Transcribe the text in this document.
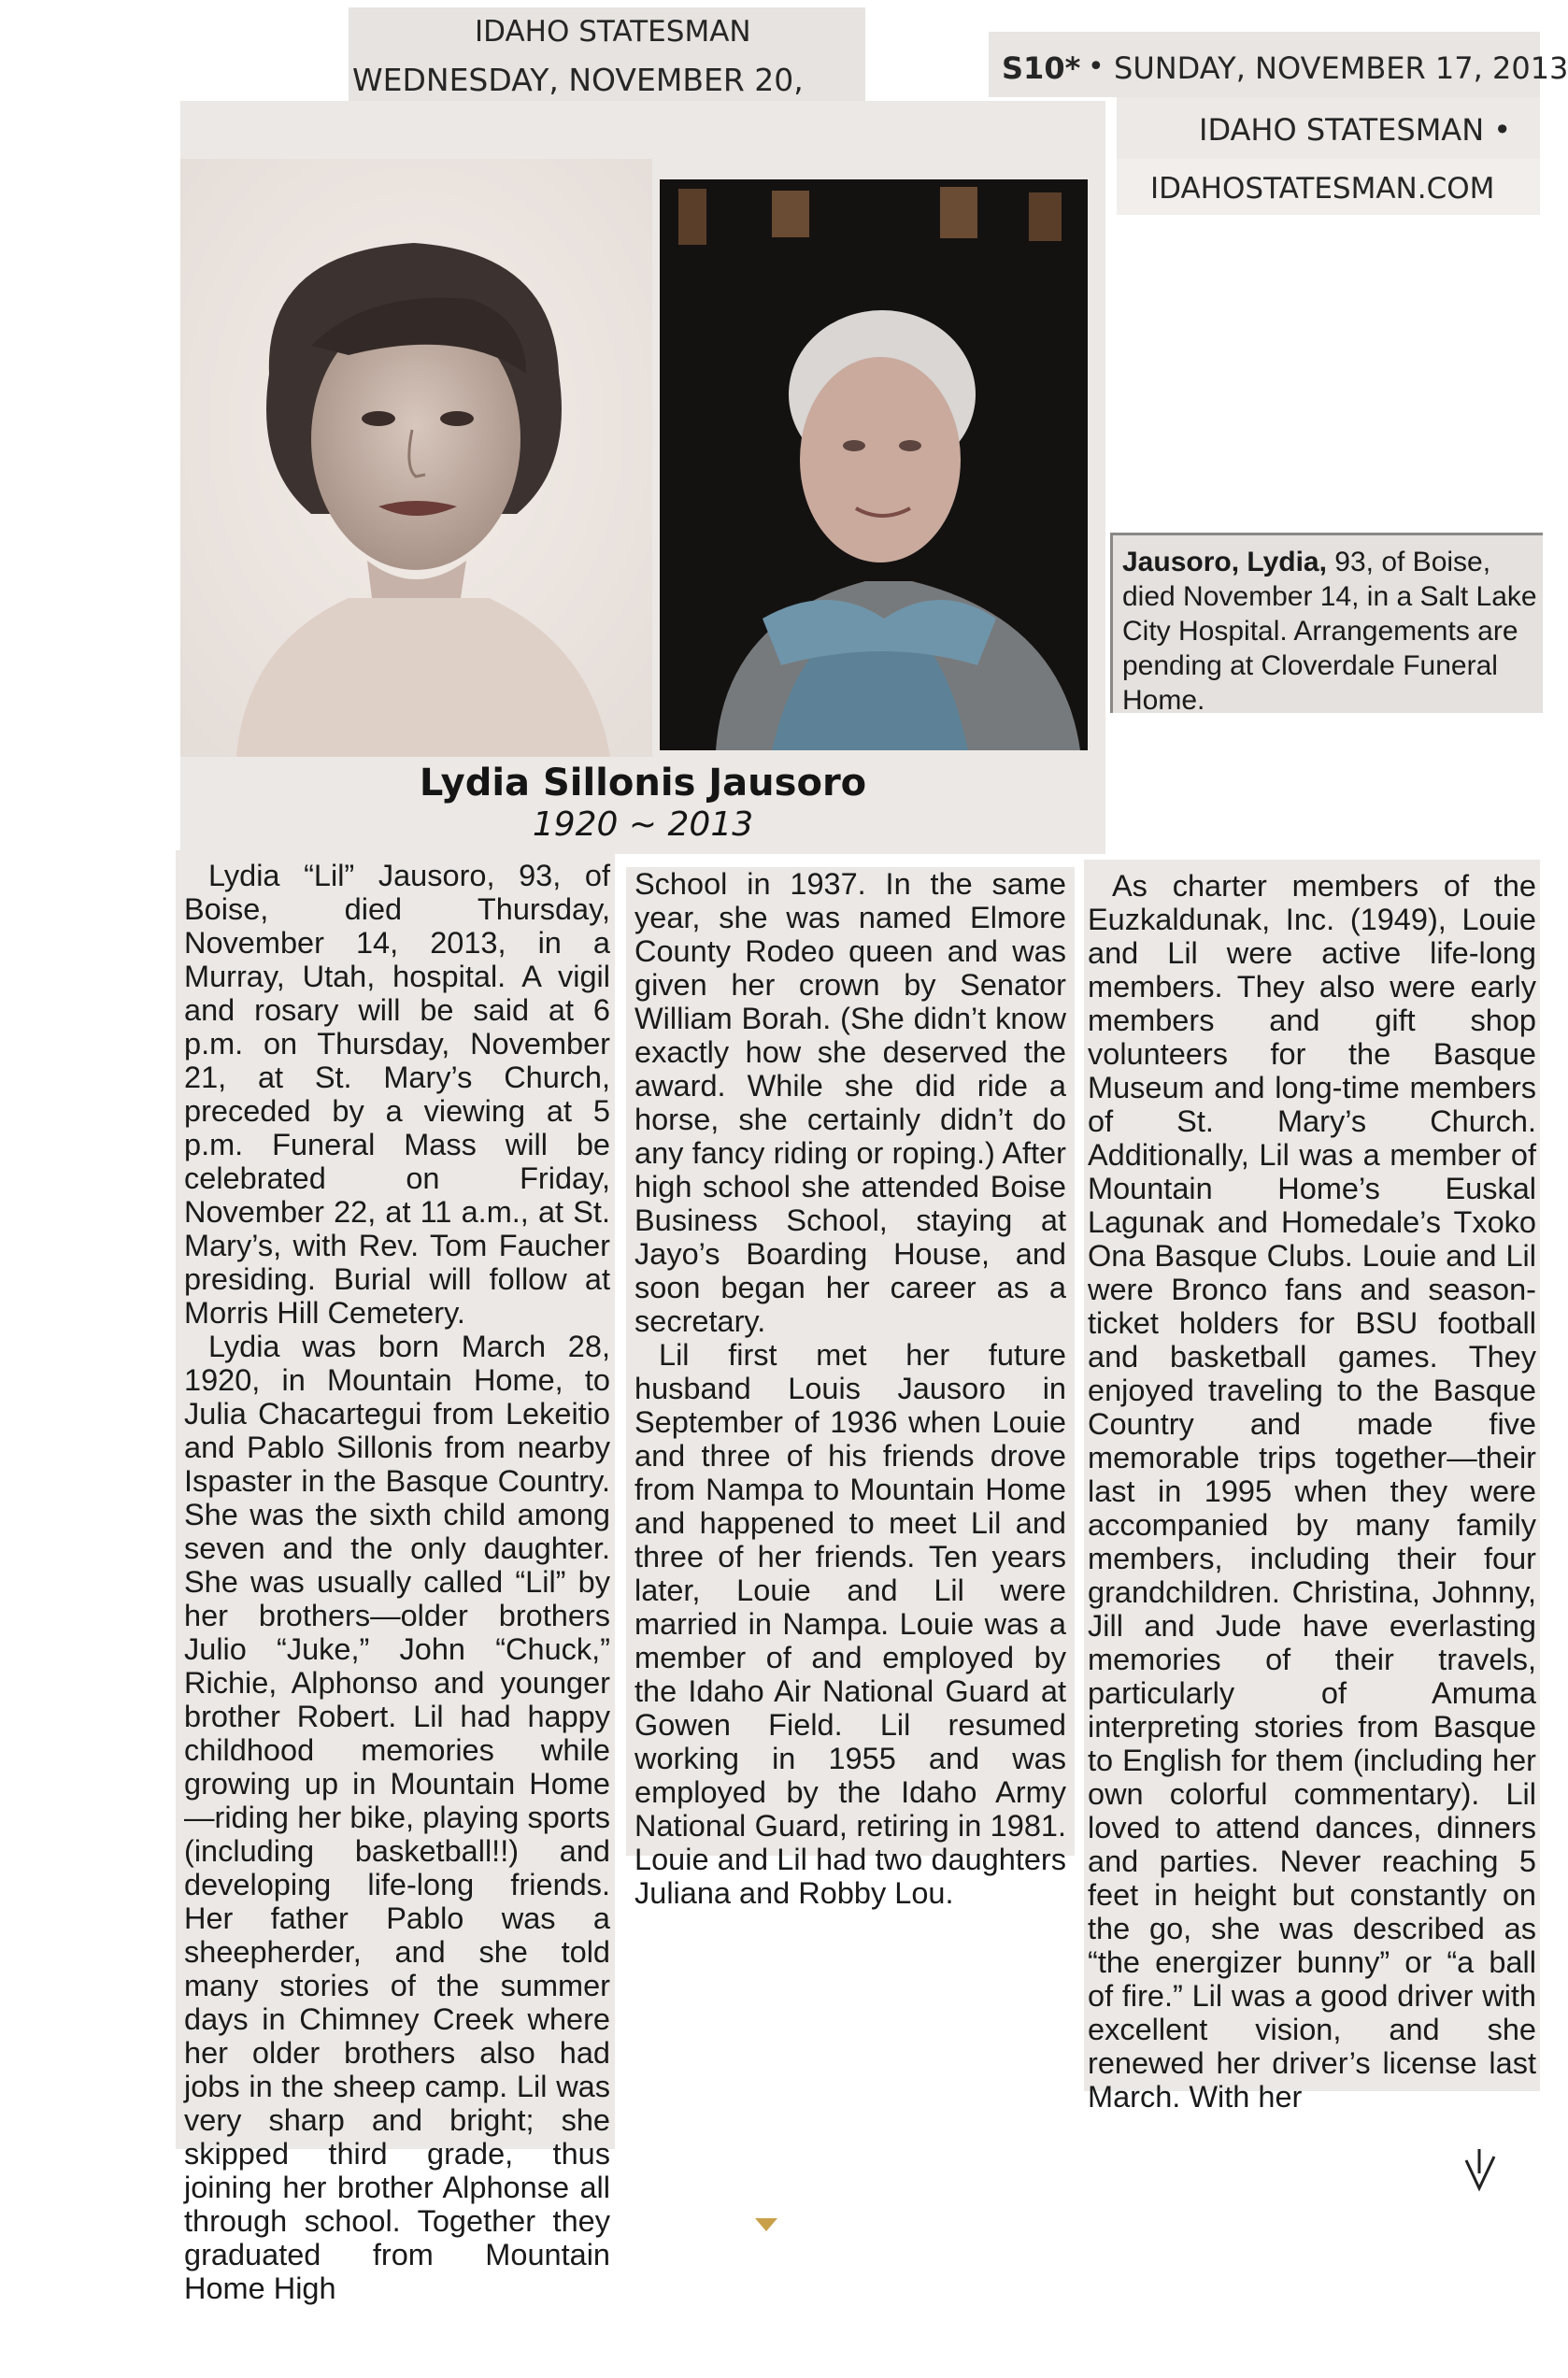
IDAHO STATESMAN
WEDNESDAY, NOVEMBER 20,	S10* • SUNDAY, NOVEMBER 17, 2013
IDAHO STATESMAN •
IDAHOSTATESMAN.COM
Lydia Sillonis Jausoro
1920 ~ 2013

Lydia “Lil” Jausoro, 93, of Boise, died Thursday, November 14, 2013, in a Murray, Utah, hospital. A vigil and rosary will be said at 6 p.m. on Thursday, November 21, at St. Mary’s Church, preceded by a viewing at 5 p.m. Funeral Mass will be celebrated on Friday, November 22, at 11 a.m., at St. Mary’s, with Rev. Tom Faucher presiding. Burial will follow at Morris Hill Cemetery.

Lydia was born March 28, 1920, in Mountain Home, to Julia Chacartegui from Lekeitio and Pablo Sillonis from nearby Ispaster in the Basque Country. She was the sixth child among seven and the only daughter. She was usually called “Lil” by her brothers—older brothers Julio “Juke,” John “Chuck,” Richie, Alphonso and younger brother Robert. Lil had happy childhood memories while growing up in Mountain Home—riding her bike, playing sports (including basketball!!) and developing life-long friends. Her father Pablo was a sheepherder, and she told many stories of the summer days in Chimney Creek where her older brothers also had jobs in the sheep camp. Lil was very sharp and bright; she skipped third grade, thus joining her brother Alphonse all through school. Together they graduated from Mountain Home High

School in 1937. In the same year, she was named Elmore County Rodeo queen and was given her crown by Senator William Borah. (She didn’t know exactly how she deserved the award. While she did ride a horse, she certainly didn’t do any fancy riding or roping.) After high school she attended Boise Business School, staying at Jayo’s Boarding House, and soon began her career as a secretary.

Lil first met her future husband Louis Jausoro in September of 1936 when Louie and three of his friends drove from Nampa to Mountain Home and happened to meet Lil and three of her friends. Ten years later, Louie and Lil were married in Nampa. Louie was a member of and employed by the Idaho Air National Guard at Gowen Field. Lil resumed working in 1955 and was employed by the Idaho Army National Guard, retiring in 1981. Louie and Lil had two daughters Juliana and Robby Lou.

As charter members of the Euzkaldunak, Inc. (1949), Louie and Lil were active life-long members. They also were early members and gift shop volunteers for the Basque Museum and long-time members of St. Mary’s Church. Additionally, Lil was a member of Mountain Home’s Euskal Lagunak and Homedale’s Txoko Ona Basque Clubs. Louie and Lil were Bronco fans and season-ticket holders for BSU football and basketball games. They enjoyed traveling to the Basque Country and made five memorable trips together—their last in 1995 when they were accompanied by many family members, including their four grandchildren. Christina, Johnny, Jill and Jude have everlasting memories of their travels, particularly of Amuma interpreting stories from Basque to English for them (including her own colorful commentary). Lil loved to attend dances, dinners and parties. Never reaching 5 feet in height but constantly on the go, she was described as “the energizer bunny” or “a ball of fire.” Lil was a good driver with excellent vision, and she renewed her driver’s license last March. With her

Jausoro, Lydia, 93, of Boise, died November 14, in a Salt Lake City Hospital. Arrangements are pending at Cloverdale Funeral Home.
